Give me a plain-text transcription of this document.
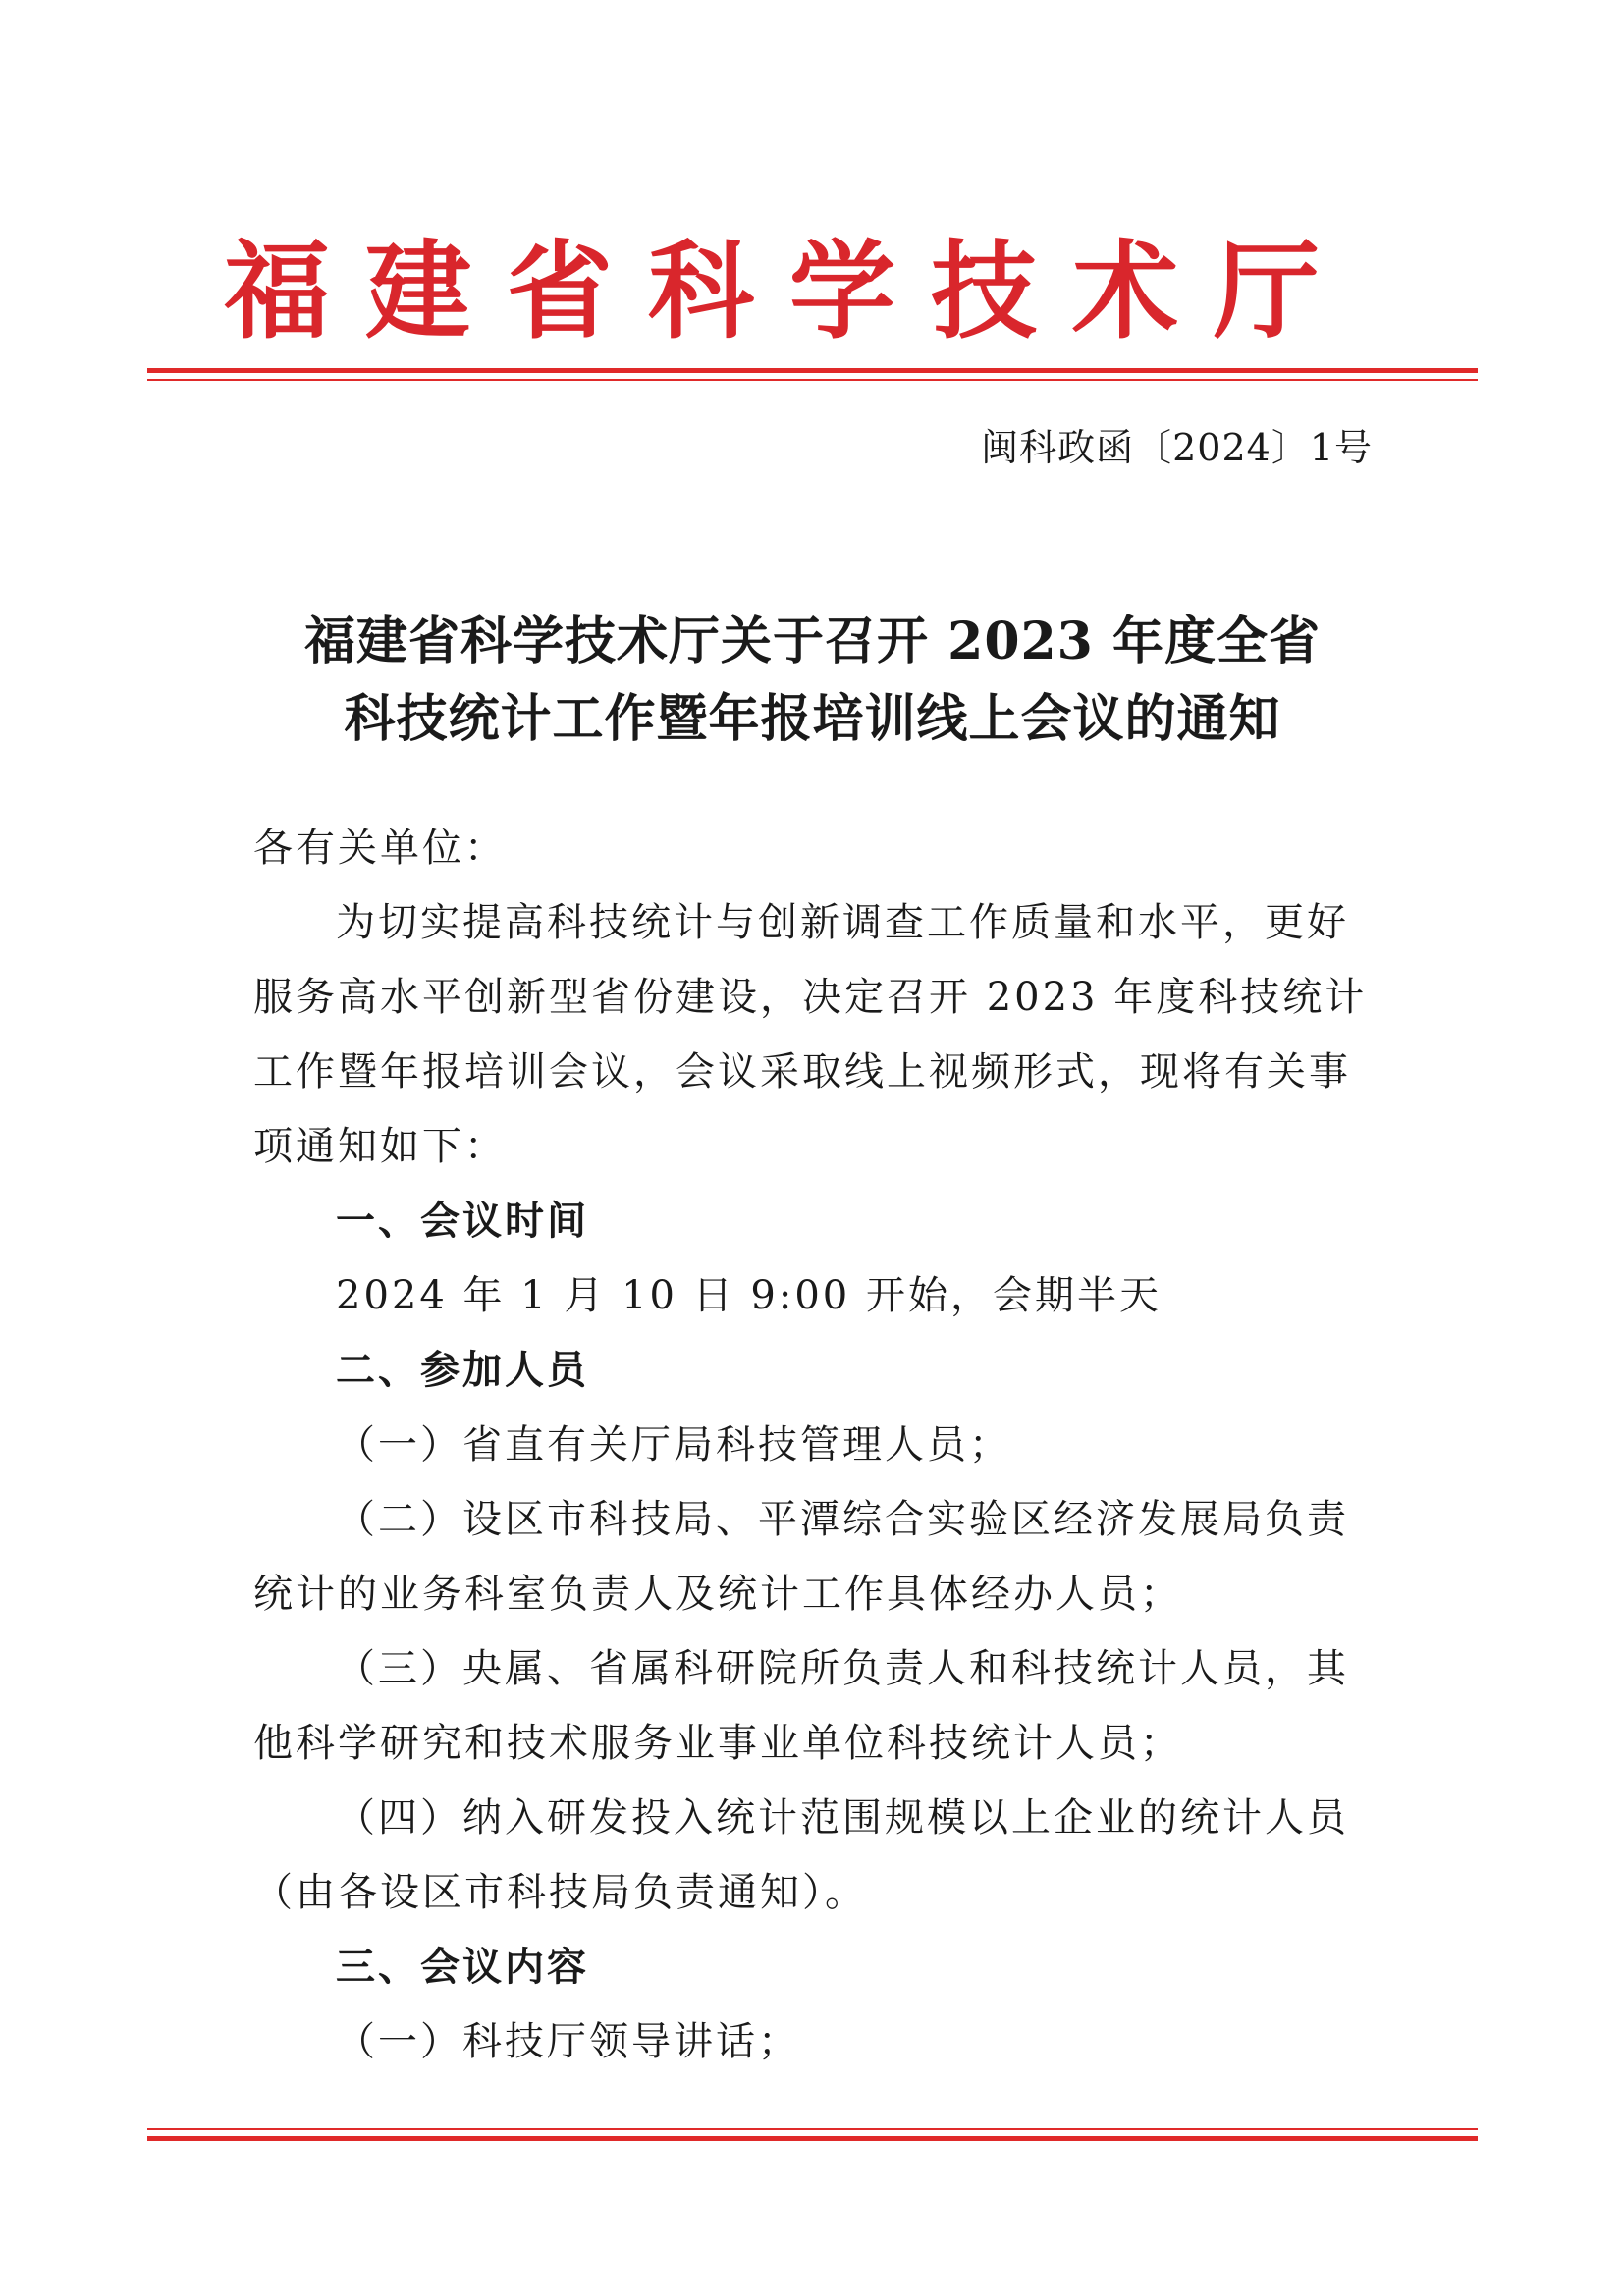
福建省科学技术厅
闽科政函〔2024〕1号
福建省科学技术厅关于召开 2023 年度全省
科技统计工作暨年报培训线上会议的通知

各有关单位：

为切实提高科技统计与创新调查工作质量和水平，更好

服务高水平创新型省份建设，决定召开 2023 年度科技统计

工作暨年报培训会议，会议采取线上视频形式，现将有关事

项通知如下：

一、会议时间

2024 年 1 月 10 日 9:00 开始，会期半天

二、参加人员

（一）省直有关厅局科技管理人员；

（二）设区市科技局、平潭综合实验区经济发展局负责

统计的业务科室负责人及统计工作具体经办人员；

（三）央属、省属科研院所负责人和科技统计人员，其

他科学研究和技术服务业事业单位科技统计人员；

（四）纳入研发投入统计范围规模以上企业的统计人员

（由各设区市科技局负责通知）。

三、会议内容

（一）科技厅领导讲话；
